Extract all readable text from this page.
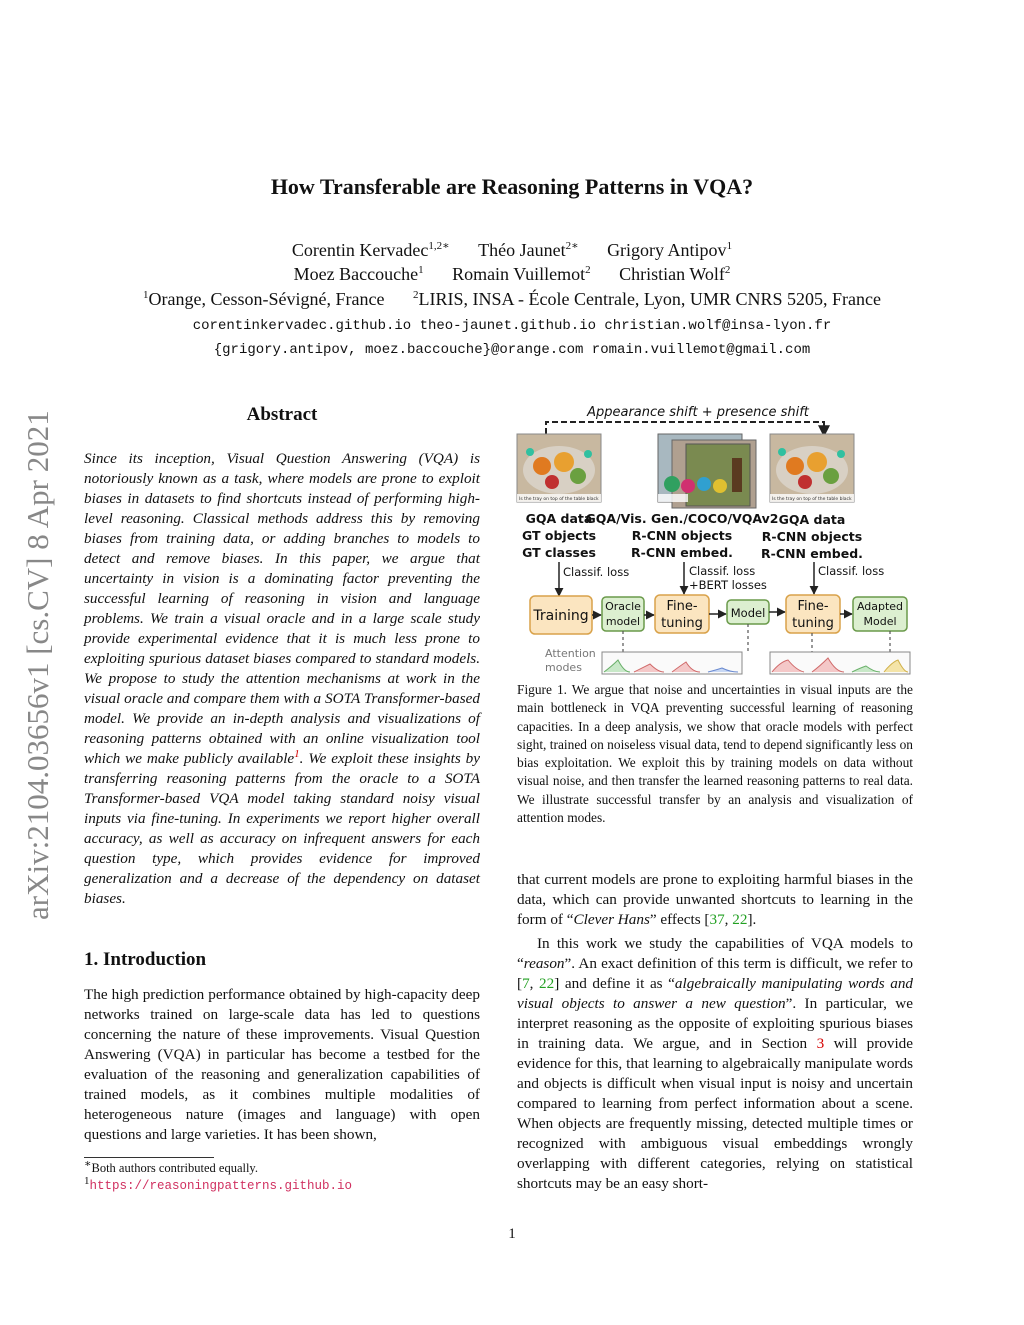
How Transferable are Reasoning Patterns in VQA?
Corentin Kervadec$^{1,2∗}$ Théo Jaunet$^{2∗}$ Grigory Antipov$^1$
Moez Baccouche$^1$ Romain Vuillemot$^2$ Christian Wolf$^2$
$^1$Orange, Cesson-Sévigné, France	$^2$LIRIS, INSA - École Centrale, Lyon, UMR CNRS 5205, France
corentinkervadec.github.io theo-jaunet.github.io christian.wolf@insa-lyon.fr
{grigory.antipov, moez.baccouche}@orange.com romain.vuillemot@gmail.com
arXiv:2104.03656v1 [cs.CV] 8 Apr 2021	Abstract
Since its inception, Visual Question Answering (VQA) is notoriously known as a task, where models are prone to exploit biases in datasets to find shortcuts instead of performing high-level reasoning. Classical methods address this by removing biases from training data, or adding branches to models to detect and remove biases. In this paper, we argue that uncertainty in vision is a dominating factor preventing the successful learning of reasoning in vision and language problems. We train a visual oracle and in a large scale study provide experimental evidence that it is much less prone to exploiting spurious dataset biases compared to standard models. We propose to study the attention mechanisms at work in the visual oracle and compare them with a SOTA Transformer-based model. We provide an in-depth analysis and visualizations of reasoning patterns obtained with an online visualization tool which we make publicly available$^1$. We exploit these insights by transferring reasoning patterns from the oracle to a SOTA Transformer-based VQA model taking standard noisy visual inputs via fine-tuning. In experiments we report higher overall accuracy, as well as accuracy on infrequent answers for each question type, which provides evidence for improved generalization and a decrease of the dependency on dataset biases.
1. Introduction
The high prediction performance obtained by high-capacity deep networks trained on large-scale data has led to questions concerning the nature of these improvements. Visual Question Answering (VQA) in particular has become a testbed for the evaluation of the reasoning and generalization capabilities of trained models, as it combines multiple modalities of heterogeneous nature (images and language) with open questions and large varieties. It has been shown,
∗Both authors contributed equally.
$^1$https://reasoningpatterns.github.io
Appearance shift + presence shift
Is the tray on top of the table black	Is the tray on top of the table black
GQA data
GT objects
GT classes
GQA/Vis. Gen./COCO/VQAv2
R-CNN objects
R-CNN embed.
GQA data
R-CNN objects
R-CNN embed.
Classif. loss	Classif. loss
+BERT losses
Classif. loss
Training
Oracle
model
Fine-
tuning
Model Fine-
tuning
Adapted
Model
Attention
modes
Figure 1. We argue that noise and uncertainties in visual inputs are the main bottleneck in VQA preventing successful learning of reasoning capacities. In a deep analysis, we show that oracle models with perfect sight, trained on noiseless visual data, tend to depend significantly less on bias exploitation. We exploit this by training models on data without visual noise, and then transfer the learned reasoning patterns to real data. We illustrate successful transfer by an analysis and visualization of attention modes.

that current models are prone to exploiting harmful biases in the data, which can provide unwanted shortcuts to learning in the form of “Clever Hans” effects [37, 22].

In this work we study the capabilities of VQA models to “reason”. An exact definition of this term is difficult, we refer to [7, 22] and define it as “algebraically manipulating words and visual objects to answer a new question”. In particular, we interpret reasoning as the opposite of exploiting spurious biases in training data. We argue, and in Section 3 will provide evidence for this, that learning to algebraically manipulate words and objects is difficult when visual input is noisy and uncertain compared to learning from perfect information about a scene. When objects are frequently missing, detected multiple times or recognized with ambiguous visual embeddings wrongly overlapping with different categories, relying on statistical shortcuts may be an easy short-

1
